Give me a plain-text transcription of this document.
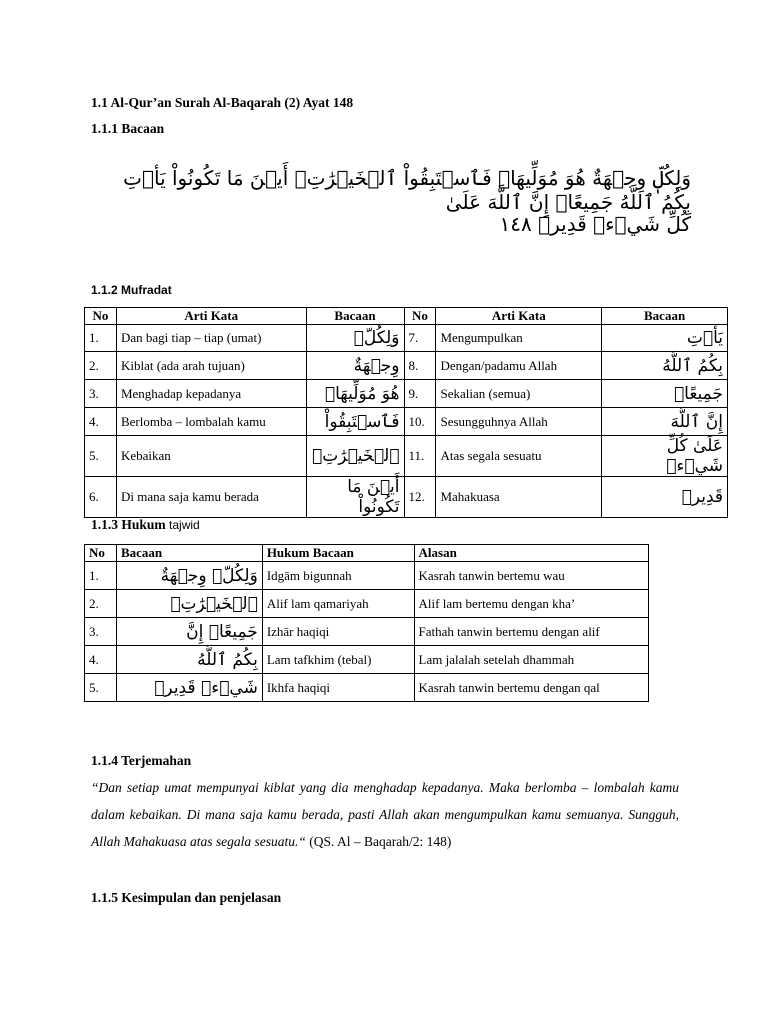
1.1 Al-Qur’an Surah Al-Baqarah (2) Ayat 148
1.1.1 Bacaan
وَلِكُلّٖ وِجۡهَةٌ هُوَ مُوَلِّيهَاۖ فَٱسۡتَبِقُواْ ٱلۡخَيۡرَٰتِۚ أَيۡنَ مَا تَكُونُواْ يَأۡتِ بِكُمُ ٱللَّهُ جَمِيعًاۚ إِنَّ ٱللَّهَ عَلَىٰ
كُلِّ شَيۡءٖ قَدِيرٞ ١٤٨
1.1.2 Mufradat
No	Arti Kata	Bacaan	No	Arti Kata	Bacaan
1.	Dan bagi tiap – tiap (umat)	وَلِكُلّٖ	7.	Mengumpulkan	يَأۡتِ
2.	Kiblat (ada arah tujuan)	وِجۡهَةٌ	8.	Dengan/padamu Allah	بِكُمُ ٱللَّهُ
3.	Menghadap kepadanya	هُوَ مُوَلِّيهَاۖ	9.	Sekalian (semua)	جَمِيعًاۚ
4.	Berlomba – lombalah kamu	فَٱسۡتَبِقُواْ	10.	Sesungguhnya Allah	إِنَّ ٱللَّهَ
5.	Kebaikan	ٱلۡخَيۡرَٰتِۚ	11.	Atas segala sesuatu	عَلَىٰ كُلِّ شَيۡءٖ
6.	Di mana saja kamu berada	أَيۡنَ مَا تَكُونُواْ	12.	Mahakuasa	قَدِيرٞ
1.1.3 Hukum tajwid
No	Bacaan	Hukum Bacaan	Alasan
1.	وَلِكُلّٖ وِجۡهَةٌ	Idgām bigunnah	Kasrah tanwin bertemu wau
2.	ٱلۡخَيۡرَٰتِۚ	Alif lam qamariyah	Alif lam bertemu dengan kha’
3.	جَمِيعًاۚ إِنَّ	Izhār haqiqi	Fathah tanwin bertemu dengan alif
4.	بِكُمُ ٱللَّهُ	Lam tafkhim (tebal)	Lam jalalah setelah dhammah
5.	شَيۡءٖ قَدِيرٞ	Ikhfa haqiqi	Kasrah tanwin bertemu dengan qal
1.1.4 Terjemahan
“Dan setiap umat mempunyai kiblat yang dia menghadap kepadanya. Maka berlomba – lombalah kamu dalam kebaikan. Di mana saja kamu berada, pasti Allah akan mengumpulkan kamu semuanya. Sungguh, Allah Mahakuasa atas segala sesuatu.“ (QS. Al – Baqarah/2: 148)
1.1.5 Kesimpulan dan penjelasan
